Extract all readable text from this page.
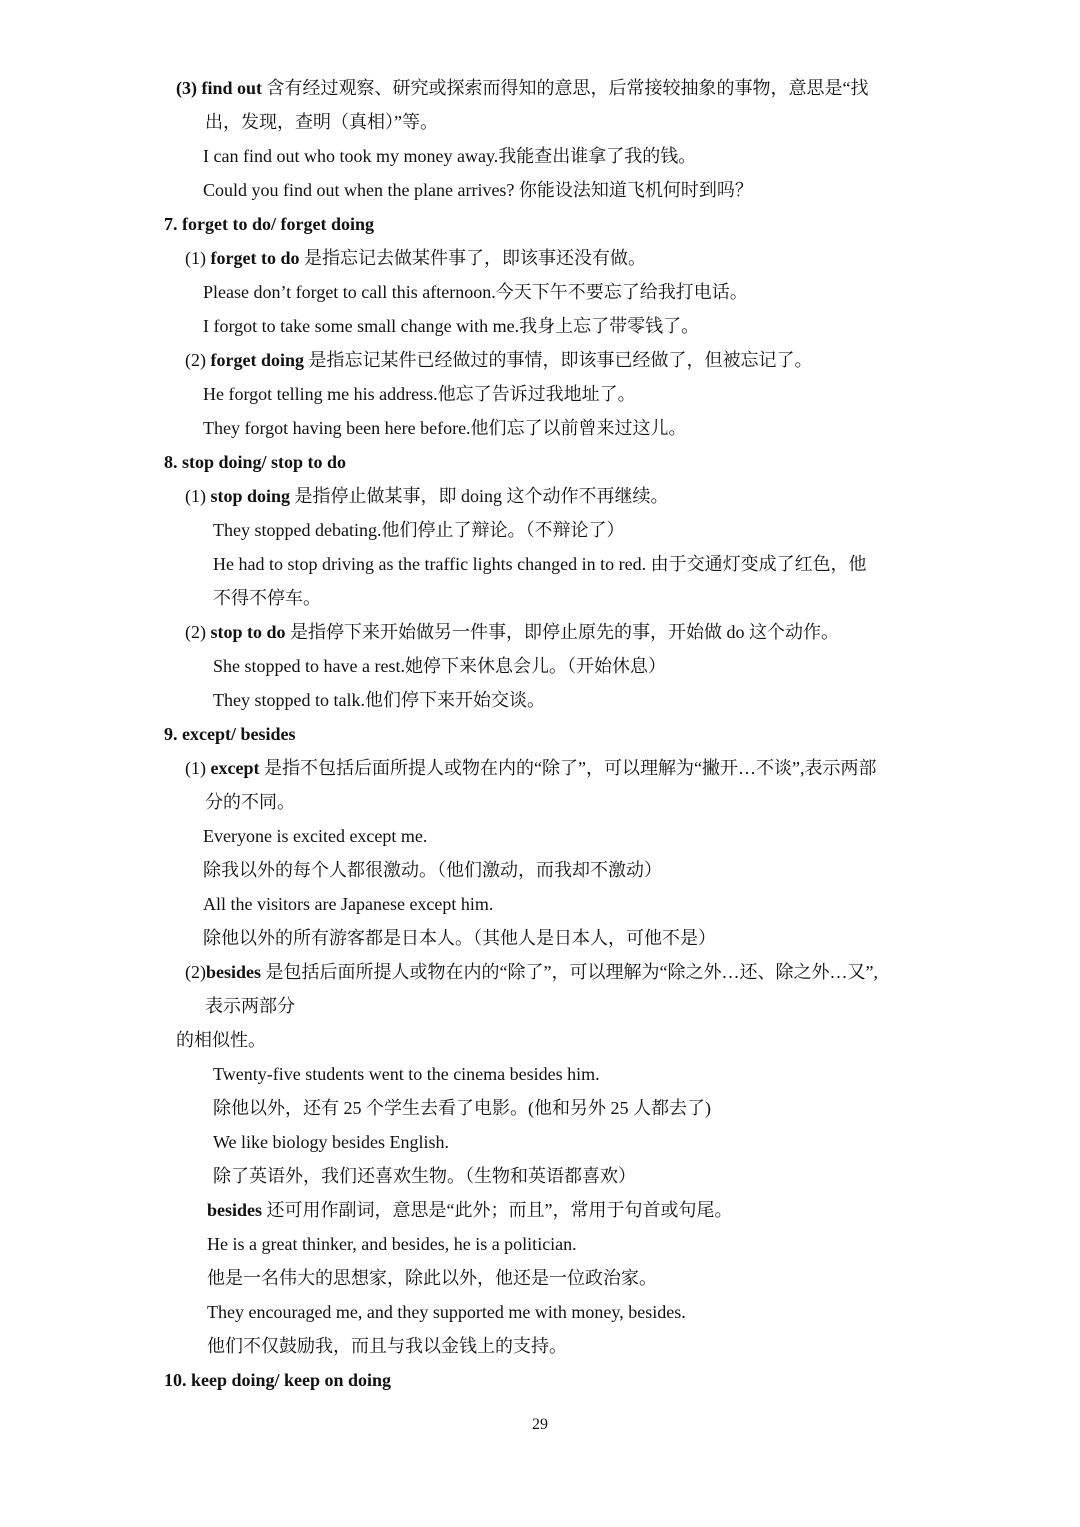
(3) find out 含有经过观察、研究或探索而得知的意思，后常接较抽象的事物，意思是“找
出，发现，查明（真相）”等。
I can find out who took my money away.我能查出谁拿了我的钱。
Could you find out when the plane arrives? 你能设法知道飞机何时到吗？
7. forget to do/ forget doing
(1) forget to do 是指忘记去做某件事了，即该事还没有做。
Please don’t forget to call this afternoon.今天下午不要忘了给我打电话。
I forgot to take some small change with me.我身上忘了带零钱了。
(2) forget doing 是指忘记某件已经做过的事情，即该事已经做了，但被忘记了。
He forgot telling me his address.他忘了告诉过我地址了。
They forgot having been here before.他们忘了以前曾来过这儿。
8. stop doing/ stop to do
(1) stop doing 是指停止做某事，即 doing 这个动作不再继续。
They stopped debating.他们停止了辩论。（不辩论了）
He had to stop driving as the traffic lights changed in to red. 由于交通灯变成了红色，他
不得不停车。
(2) stop to do 是指停下来开始做另一件事，即停止原先的事，开始做 do 这个动作。
She stopped to have a rest.她停下来休息会儿。（开始休息）
They stopped to talk.他们停下来开始交谈。
9. except/ besides
(1) except 是指不包括后面所提人或物在内的“除了”，可以理解为“撇开…不谈”,表示两部
分的不同。
Everyone is excited except me.
除我以外的每个人都很激动。（他们激动，而我却不激动）
All the visitors are Japanese except him.
除他以外的所有游客都是日本人。（其他人是日本人，可他不是）
(2)besides 是包括后面所提人或物在内的“除了”，可以理解为“除之外…还、除之外…又”,
表示两部分
的相似性。
Twenty-five students went to the cinema besides him.
除他以外，还有 25 个学生去看了电影。(他和另外 25 人都去了)
We like biology besides English.
除了英语外，我们还喜欢生物。（生物和英语都喜欢）
besides 还可用作副词，意思是“此外；而且”，常用于句首或句尾。
He is a great thinker, and besides, he is a politician.
他是一名伟大的思想家，除此以外，他还是一位政治家。
They encouraged me, and they supported me with money, besides.
他们不仅鼓励我，而且与我以金钱上的支持。
10. keep doing/ keep on doing
29
